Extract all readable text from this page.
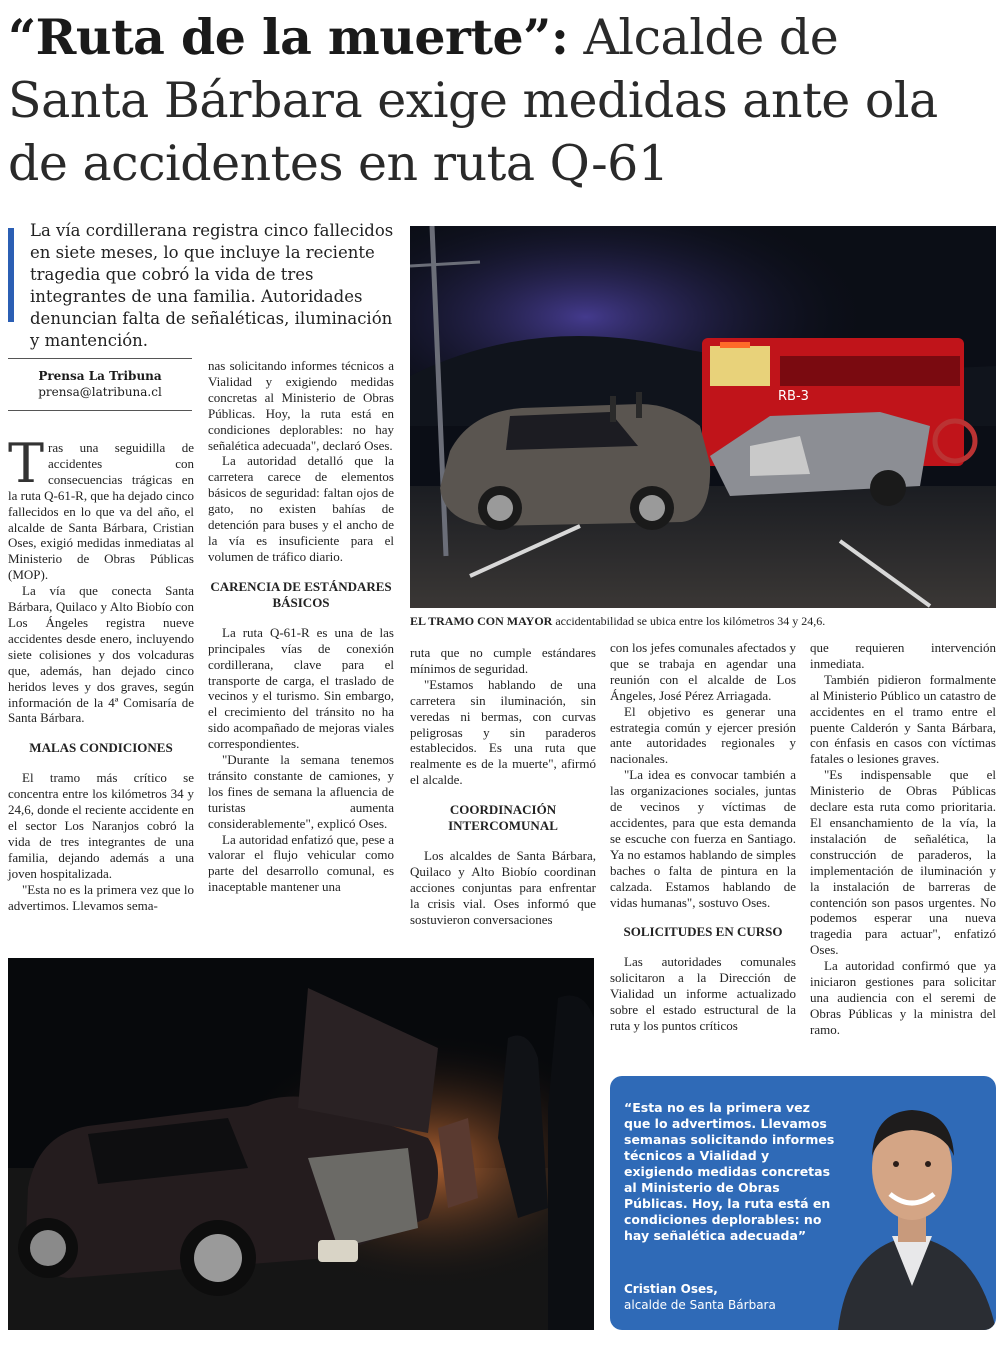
“Ruta de la muerte”: Alcalde de Santa Bárbara exige medidas ante ola de accidentes en ruta Q-61

La vía cordillerana registra cinco fallecidos en siete meses, lo que incluye la reciente tragedia que cobró la vida de tres integrantes de una familia. Autoridades denuncian falta de señaléticas, iluminación y mantención.

Prensa La Tribuna
prensa@latribuna.cl

Tras una seguidilla de accidentes con consecuencias trágicas en la ruta Q-61-R, que ha dejado cinco fallecidos en lo que va del año, el alcalde de Santa Bárbara, Cristian Oses, exigió medidas inmediatas al Ministerio de Obras Públicas (MOP).

La vía que conecta Santa Bárbara, Quilaco y Alto Biobío con Los Ángeles registra nueve accidentes desde enero, incluyendo siete colisiones y dos volcaduras que, además, han dejado cinco heridos leves y dos graves, según información de la 4ª Comisaría de Santa Bárbara.

MALAS CONDICIONES

El tramo más crítico se concentra entre los kilómetros 34 y 24,6, donde el reciente accidente en el sector Los Naranjos cobró la vida de tres integrantes de una familia, dejando además a una joven hospitalizada.

"Esta no es la primera vez que lo advertimos. Llevamos sema-

nas solicitando informes técnicos a Vialidad y exigiendo medidas concretas al Ministerio de Obras Públicas. Hoy, la ruta está en condiciones deplorables: no hay señalética adecuada", declaró Oses.

La autoridad detalló que la carretera carece de elementos básicos de seguridad: faltan ojos de gato, no existen bahías de detención para buses y el ancho de la vía es insuficiente para el volumen de tráfico diario.

CARENCIA DE ESTÁNDARES BÁSICOS

La ruta Q-61-R es una de las principales vías de conexión cordillerana, clave para el transporte de carga, el traslado de vecinos y el turismo. Sin embargo, el crecimiento del tránsito no ha sido acompañado de mejoras viales correspondientes.

"Durante la semana tenemos tránsito constante de camiones, y los fines de semana la afluencia de turistas aumenta considerablemente", explicó Oses.

La autoridad enfatizó que, pese a valorar el flujo vehicular como parte del desarrollo comunal, es inaceptable mantener una

RB-3
EL TRAMO CON MAYOR accidentabilidad se ubica entre los kilómetros 34 y 24,6.

ruta que no cumple estándares mínimos de seguridad.

"Estamos hablando de una carretera sin iluminación, sin veredas ni bermas, con curvas peligrosas y sin paraderos establecidos. Es una ruta que realmente es de la muerte", afirmó el alcalde.

COORDINACIÓN INTERCOMUNAL

Los alcaldes de Santa Bárbara, Quilaco y Alto Biobío coordinan acciones conjuntas para enfrentar la crisis vial. Oses informó que sostuvieron conversaciones

con los jefes comunales afectados y que se trabaja en agendar una reunión con el alcalde de Los Ángeles, José Pérez Arriagada.

El objetivo es generar una estrategia común y ejercer presión ante autoridades regionales y nacionales.

"La idea es convocar también a las organizaciones sociales, juntas de vecinos y víctimas de accidentes, para que esta demanda se escuche con fuerza en Santiago. Ya no estamos hablando de simples baches o falta de pintura en la calzada. Estamos hablando de vidas humanas", sostuvo Oses.

SOLICITUDES EN CURSO

Las autoridades comunales solicitaron a la Dirección de Vialidad un informe actualizado sobre el estado estructural de la ruta y los puntos críticos

que requieren intervención inmediata.

También pidieron formalmente al Ministerio Público un catastro de accidentes en el tramo entre el puente Calderón y Santa Bárbara, con énfasis en casos con víctimas fatales o lesiones graves.

"Es indispensable que el Ministerio de Obras Públicas declare esta ruta como prioritaria. El ensanchamiento de la vía, la instalación de señalética, la construcción de paraderos, la implementación de iluminación y la instalación de barreras de contención son pasos urgentes. No podemos esperar una nueva tragedia para actuar", enfatizó Oses.

La autoridad confirmó que ya iniciaron gestiones para solicitar una audiencia con el seremi de Obras Públicas y la ministra del ramo.

“Esta no es la primera vez que lo advertimos. Llevamos semanas solicitando informes técnicos a Vialidad y exigiendo medidas concretas al Ministerio de Obras Públicas. Hoy, la ruta está en condiciones deplorables: no hay señalética adecuada”

Cristian Oses,
alcalde de Santa Bárbara
